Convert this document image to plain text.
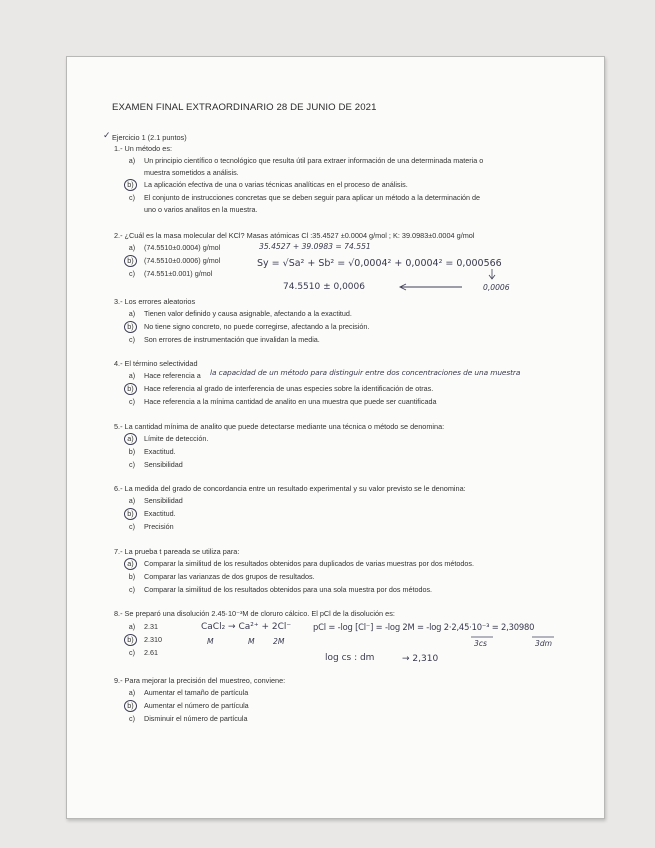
EXAMEN FINAL EXTRAORDINARIO 28 DE JUNIO DE 2021
✓ Ejercicio 1 (2.1 puntos)
1.- Un método es:
a)	Un principio científico o tecnológico que resulta útil para extraer información de una determinada materia o
muestra sometidos a análisis.
b)	La aplicación efectiva de una o varias técnicas analíticas en el proceso de análisis.
c)	El conjunto de instrucciones concretas que se deben seguir para aplicar un método a la determinación de
uno o varios analitos en la muestra.
2.- ¿Cuál es la masa molecular del KCl? Masas atómicas Cl :35.4527 ±0.0004 g/mol ; K: 39.0983±0.0004 g/mol
a)	(74.5510±0.0004) g/mol
b)	(74.5510±0.0006) g/mol
c)	(74.551±0.001) g/mol
35.4527 + 39.0983 = 74.551
Sy = √Sa² + Sb² = √0,0004² + 0,0004² = 0,000566
74.5510 ± 0,0006	0,0006
3.- Los errores aleatorios
a)	Tienen valor definido y causa asignable, afectando a la exactitud.
b)	No tiene signo concreto, no puede corregirse, afectando a la precisión.
c)	Son errores de instrumentación que invalidan la media.
4.- El término selectividad
a)	Hace referencia a la capacidad de un método para distinguir entre dos concentraciones de una muestra
b)	Hace referencia al grado de interferencia de unas especies sobre la identificación de otras.
c)	Hace referencia a la mínima cantidad de analito en una muestra que puede ser cuantificada
5.- La cantidad mínima de analito que puede detectarse mediante una técnica o método se denomina:
a)	Límite de detección.
b)	Exactitud.
c)	Sensibilidad
6.- La medida del grado de concordancia entre un resultado experimental y su valor previsto se le denomina:
a)	Sensibilidad
b)	Exactitud.
c)	Precisión
7.- La prueba t pareada se utiliza para:
a)	Comparar la similitud de los resultados obtenidos para duplicados de varias muestras por dos métodos.
b)	Comparar las varianzas de dos grupos de resultados.
c)	Comparar la similitud de los resultados obtenidos para una sola muestra por dos métodos.
8.- Se preparó una disolución 2.45·10⁻³M de cloruro cálcico. El pCl de la disolución es:
a)	2.31
b)	2.310
c)	2.61
CaCl₂ → Ca²⁺ + 2Cl⁻
M	M 2M
pCl = -log [Cl⁻] = -log 2M = -log 2·2,45·10⁻³ = 2,30980
3cs	3dm
log cs : dm	→ 2,310
9.- Para mejorar la precisión del muestreo, conviene:
a)	Aumentar el tamaño de partícula
b)	Aumentar el número de partícula
c)	Disminuir el número de partícula
